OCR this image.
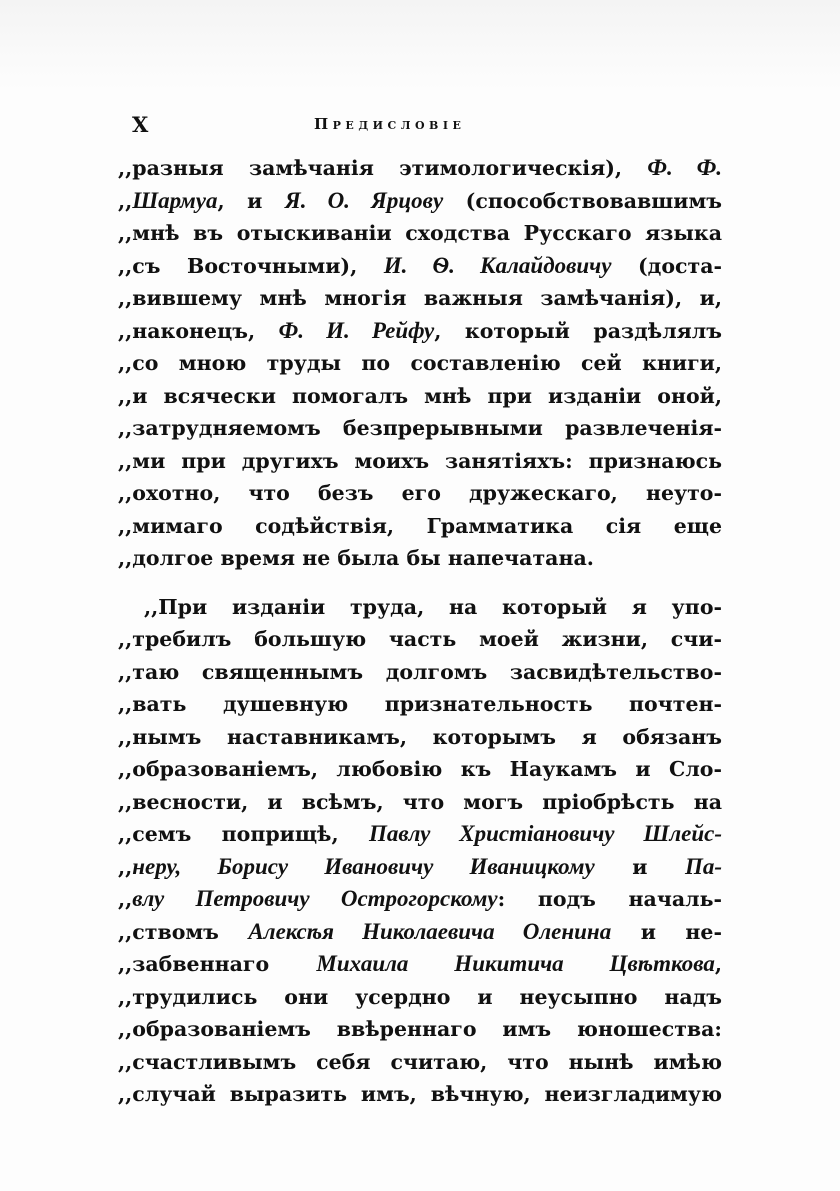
X	Предисловie
,,разныя замѣчанія этимологическія), Ф. Ф.
,,Шармуа, и Я. О. Ярцову (способствовавшимъ
,,мнѣ въ отыскиваніи сходства Русскаго языка
,,съ Восточными), И. Ѳ. Калайдовичу (доста-
,,вившему мнѣ многія важныя замѣчанія), и,
,,наконецъ, Ф. И. Рейфу, который раздѣлялъ
,,со мною труды по составленію сей книги,
,,и всячески помогалъ мнѣ при изданіи оной,
,,затрудняемомъ безпрерывными развлеченія-
,,ми при другихъ моихъ занятіяхъ: признаюсь
,,охотно, что безъ его дружескаго, неуто-
,,мимаго содѣйствія, Грамматика сія еще
,,долгое время не была бы напечатана.
,,При изданіи труда, на который я упо-
,,требилъ большую часть моей жизни, счи-
,,таю священнымъ долгомъ засвидѣтельство-
,,вать душевную признательность почтен-
,,нымъ наставникамъ, которымъ я обязанъ
,,образованіемъ, любовію къ Наукамъ и Сло-
,,весности, и всѣмъ, что могъ пріобрѣсть на
,,семъ поприщѣ, Павлу Христіановичу Шлейс-
,,неру, Борису Ивановичу Иваницкому и Па-
,,влу Петровичу Острогорскому: подъ началь-
,,ствомъ Алексѣя Николаевича Оленина и не-
,,забвеннаго Михаила Никитича Цвѣткова,
,,трудились они усердно и неусыпно надъ
,,образованіемъ ввѣреннаго имъ юношества:
,,счастливымъ себя считаю, что нынѣ имѣю
,,случай выразить имъ, вѣчную, неизгладимую
